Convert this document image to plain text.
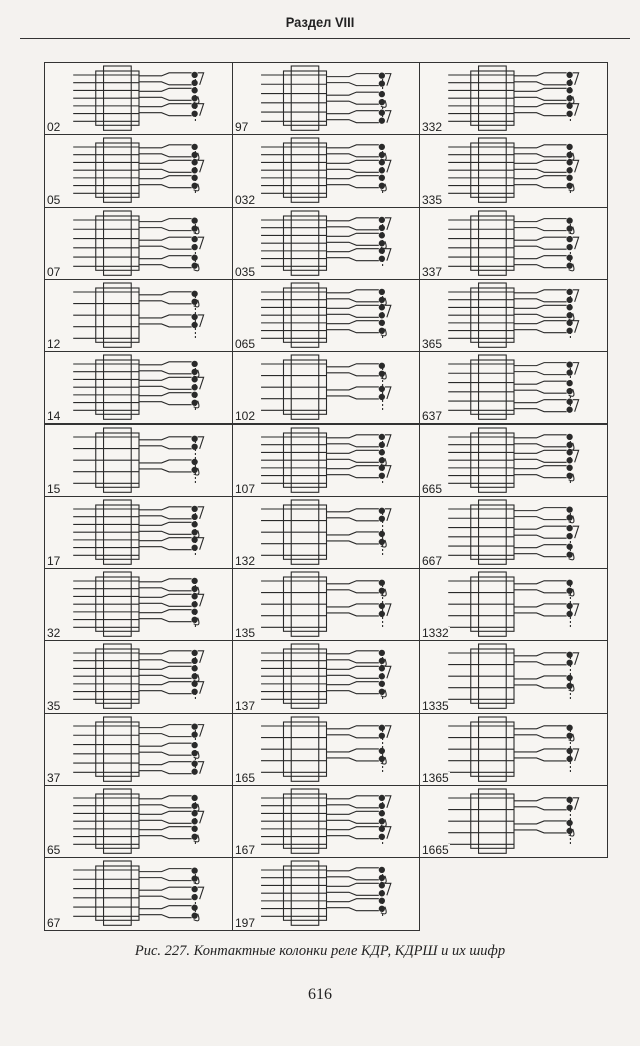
Раздел VIII
02
05
07
12
14
15
17
32
35
37
65
67
97
032
035
065
102
107
132
135
137
165
167
197
332
335
337
365
637
665
667
1332
1335
1365
1665
Рис. 227. Контактные колонки реле КДР, КДРШ и их шифр
616
